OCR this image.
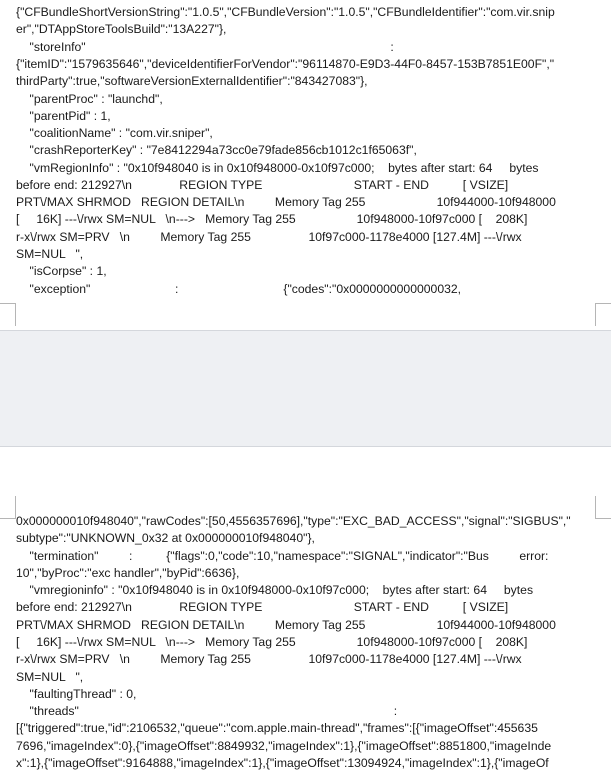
{"CFBundleShortVersionString":"1.0.5","CFBundleVersion":"1.0.5","CFBundleIdentifier":"com.vir.snip
er","DTAppStoreToolsBuild":"13A227"},
"storeInfo"                                                                                          :
{"itemID":"1579635646","deviceIdentifierForVendor":"96114870-E9D3-44F0-8457-153B7851E00F","
thirdParty":true,"softwareVersionExternalIdentifier":"843427083"},
"parentProc" : "launchd",
"parentPid" : 1,
"coalitionName" : "com.vir.sniper",
"crashReporterKey" : "7e8412294a73cc0e79fade856cb1012c1f65063f",
"vmRegionInfo" : "0x10f948040 is in 0x10f948000-0x10f97c000;    bytes after start: 64     bytes
before end: 212927\n              REGION TYPE                           START - END          [ VSIZE]
PRT\/MAX SHRMOD   REGION DETAIL\n         Memory Tag 255                     10f944000-10f948000
[     16K] ---\/rwx SM=NUL   \n--->   Memory Tag 255                  10f948000-10f97c000 [    208K]
r-x\/rwx SM=PRV   \n         Memory Tag 255                 10f97c000-1178e4000 [127.4M] ---\/rwx
SM=NUL   ",
"isCorpse" : 1,
"exception"                         :                               {"codes":"0x0000000000000032,
0x000000010f948040","rawCodes":[50,4556357696],"type":"EXC_BAD_ACCESS","signal":"SIGBUS","
subtype":"UNKNOWN_0x32 at 0x000000010f948040"},
"termination"         :          {"flags":0,"code":10,"namespace":"SIGNAL","indicator":"Bus         error:
10","byProc":"exc handler","byPid":6636},
"vmregioninfo" : "0x10f948040 is in 0x10f948000-0x10f97c000;    bytes after start: 64     bytes
before end: 212927\n              REGION TYPE                           START - END          [ VSIZE]
PRT\/MAX SHRMOD   REGION DETAIL\n         Memory Tag 255                     10f944000-10f948000
[     16K] ---\/rwx SM=NUL   \n--->   Memory Tag 255                  10f948000-10f97c000 [    208K]
r-x\/rwx SM=PRV   \n         Memory Tag 255                 10f97c000-1178e4000 [127.4M] ---\/rwx
SM=NUL   ",
"faultingThread" : 0,
"threads"                                                                                             :
[{"triggered":true,"id":2106532,"queue":"com.apple.main-thread","frames":[{"imageOffset":455635
7696,"imageIndex":0},{"imageOffset":8849932,"imageIndex":1},{"imageOffset":8851800,"imageInde
x":1},{"imageOffset":9164888,"imageIndex":1},{"imageOffset":13094924,"imageIndex":1},{"imageOf
